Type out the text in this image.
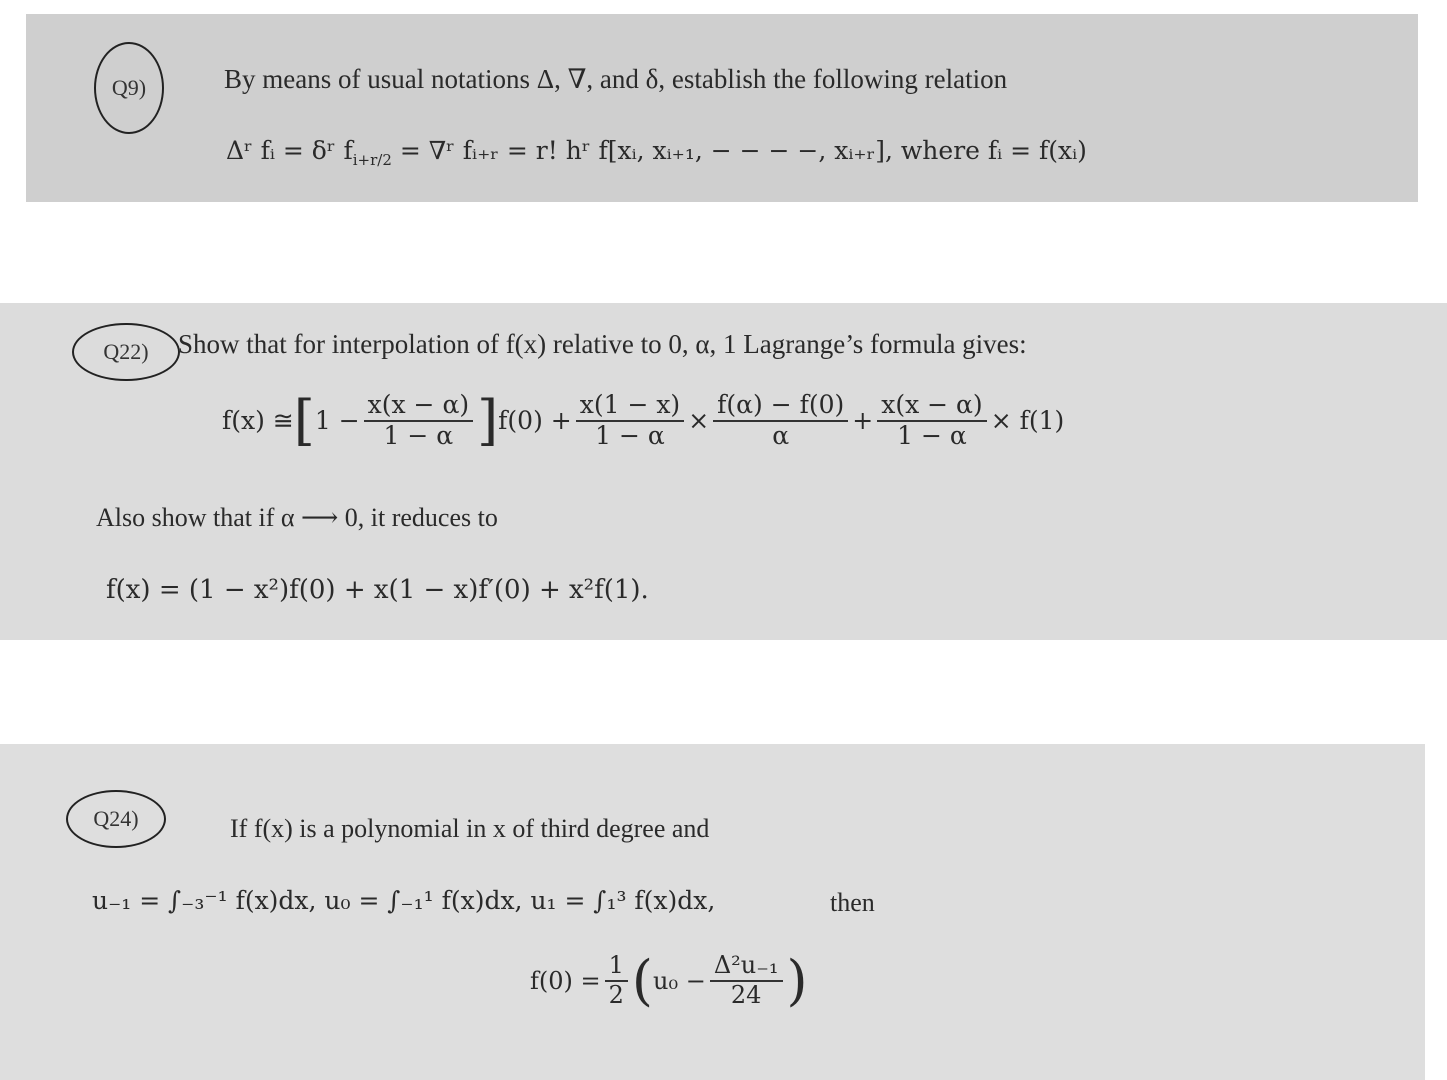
Q9)	By means of usual notations Δ, ∇, and δ, establish the following relation
Δʳ fᵢ = δʳ $f_{i+r/2}$ = ∇ʳ fᵢ₊ᵣ = r! hʳ f[xᵢ, xᵢ₊₁, − − − −, xᵢ₊ᵣ], where fᵢ = f(xᵢ)
Q22) Show that for interpolation of f(x) relative to 0, α, 1 Lagrange’s formula gives:
f(x) ≅ [ $1 - \frac{x(x - \alpha)}{1 - \alpha}$ ] $f(0) + \frac{x(1 - x)}{1 - \alpha} \times \frac{f(\alpha) - f(0)}{\alpha} + \frac{x(x - \alpha)}{1 - \alpha} \times f(1)$
Also show that if α ⟶ 0, it reduces to
f(x) = (1 − x²)f(0) + x(1 − x)f′(0) + x²f(1).
Q24)	If f(x) is a polynomial in x of third degree and
u₋₁ = ∫₋₃⁻¹ f(x)dx, u₀ = ∫₋₁¹ f(x)dx, u₁ = ∫₁³ f(x)dx,	then
$f(0) = \frac{1}{2}$ ( $u_0 - \frac{\text{Δ²u₋₁}}{24}$ )
